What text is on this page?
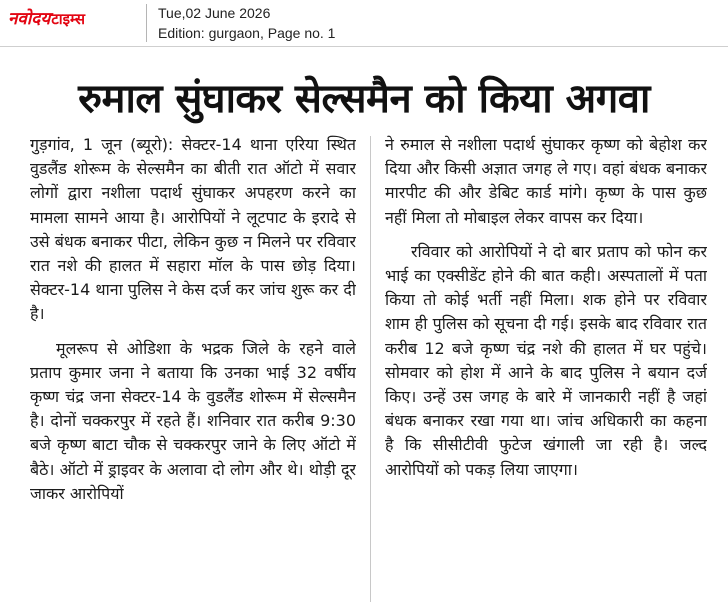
नवोदय टाइम्स	Tue,02 June 2026
Edition: gurgaon, Page no. 1
रुमाल सुंघाकर सेल्समैन को किया अगवा

गुड़गांव, 1 जून (ब्यूरो): सेक्टर-14 थाना एरिया स्थित वुडलैंड शोरूम के सेल्समैन का बीती रात ऑटो में सवार लोगों द्वारा नशीला पदार्थ सुंघाकर अपहरण करने का मामला सामने आया है। आरोपियों ने लूटपाट के इरादे से उसे बंधक बनाकर पीटा, लेकिन कुछ न मिलने पर रविवार रात नशे की हालत में सहारा मॉल के पास छोड़ दिया। सेक्टर-14 थाना पुलिस ने केस दर्ज कर जांच शुरू कर दी है।

मूलरूप से ओडिशा के भद्रक जिले के रहने वाले प्रताप कुमार जना ने बताया कि उनका भाई 32 वर्षीय कृष्ण चंद्र जना सेक्टर-14 के वुडलैंड शोरूम में सेल्समैन है। दोनों चक्करपुर में रहते हैं। शनिवार रात करीब 9:30 बजे कृष्ण बाटा चौक से चक्करपुर जाने के लिए ऑटो में बैठे। ऑटो में ड्राइवर के अलावा दो लोग और थे। थोड़ी दूर जाकर आरोपियों

ने रुमाल से नशीला पदार्थ सुंघाकर कृष्ण को बेहोश कर दिया और किसी अज्ञात जगह ले गए। वहां बंधक बनाकर मारपीट की और डेबिट कार्ड मांगे। कृष्ण के पास कुछ नहीं मिला तो मोबाइल लेकर वापस कर दिया।

रविवार को आरोपियों ने दो बार प्रताप को फोन कर भाई का एक्सीडेंट होने की बात कही। अस्पतालों में पता किया तो कोई भर्ती नहीं मिला। शक होने पर रविवार शाम ही पुलिस को सूचना दी गई। इसके बाद रविवार रात करीब 12 बजे कृष्ण चंद्र नशे की हालत में घर पहुंचे। सोमवार को होश में आने के बाद पुलिस ने बयान दर्ज किए। उन्हें उस जगह के बारे में जानकारी नहीं है जहां बंधक बनाकर रखा गया था। जांच अधिकारी का कहना है कि सीसीटीवी फुटेज खंगाली जा रही है। जल्द आरोपियों को पकड़ लिया जाएगा।
